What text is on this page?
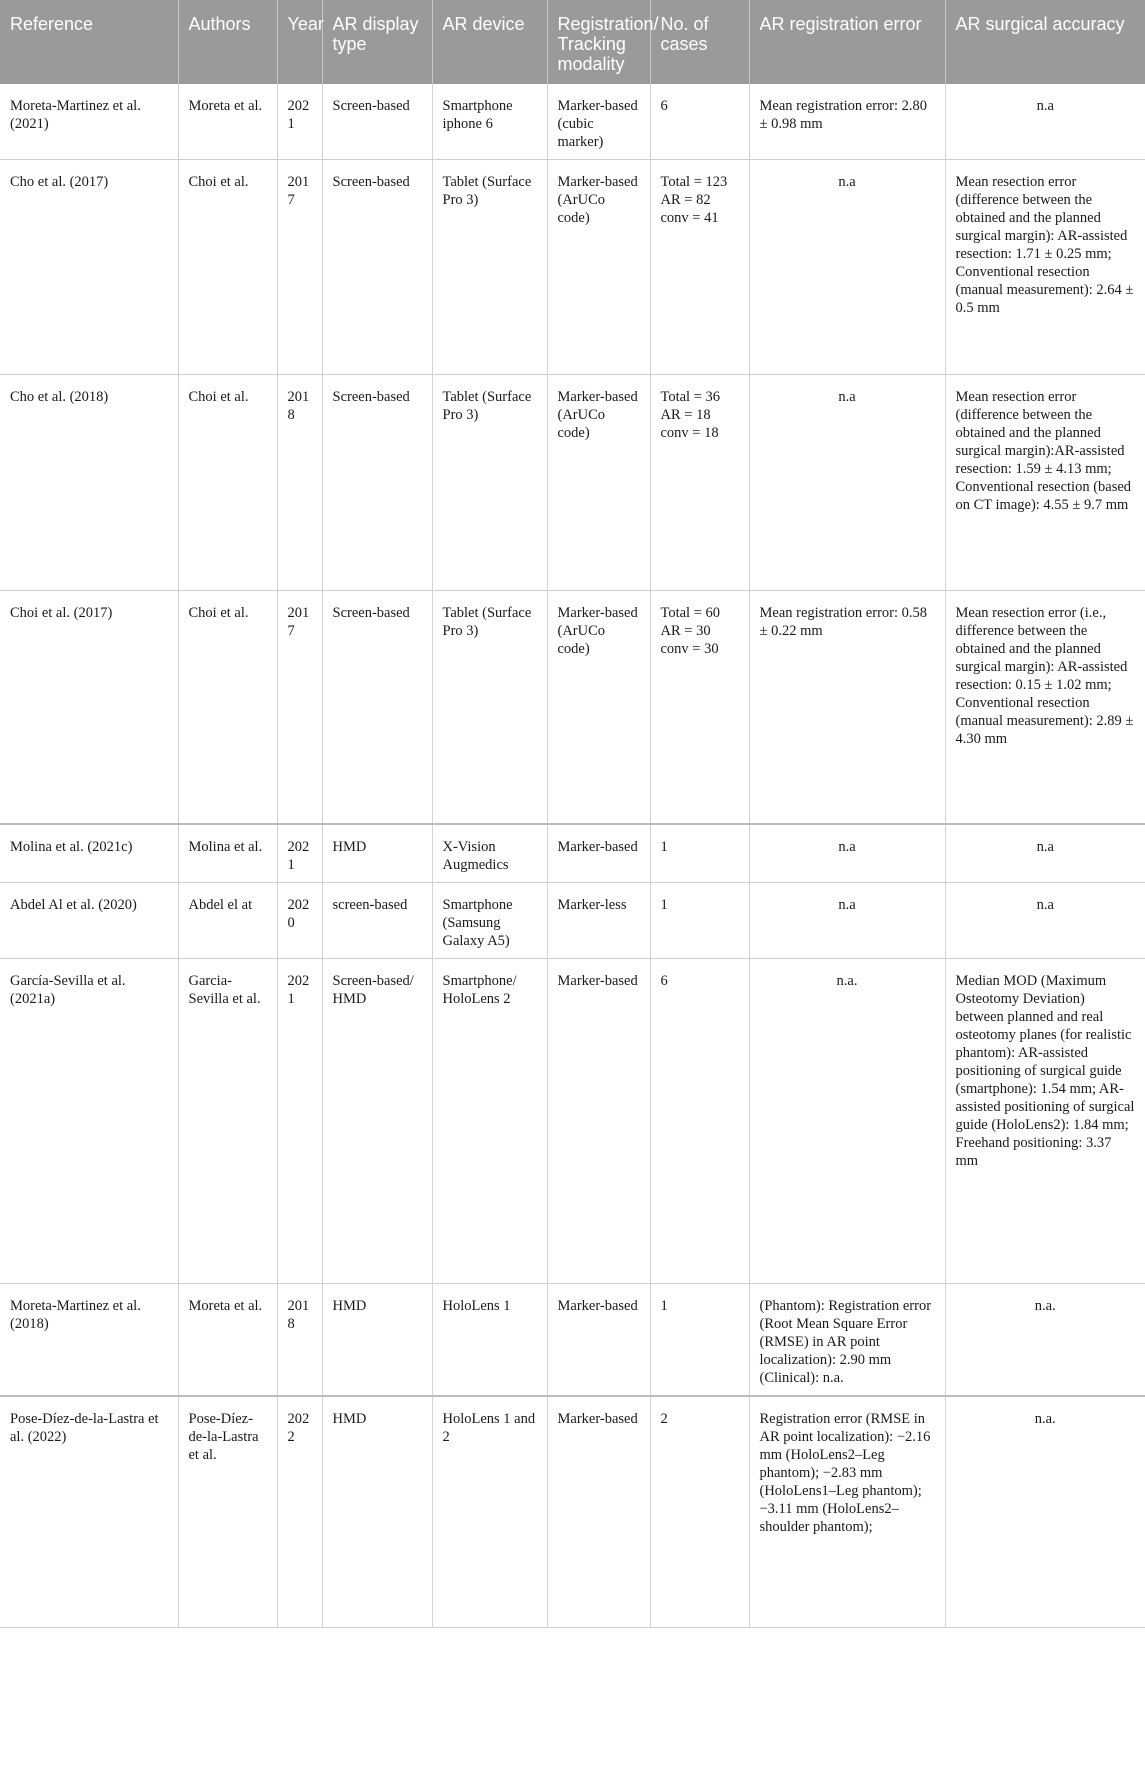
Reference	Authors	Year	AR display type	AR device	Registration/ Tracking modality	No. of cases	AR registration error	AR surgical accuracy
Moreta-Martinez et al. (2021)	Moreta et al.	2021	Screen-based	Smartphone iphone 6	Marker-based (cubic marker)	6	Mean registration error: 2.80 ± 0.98 mm	n.a
Cho et al. (2017)	Choi et al.	2017	Screen-based	Tablet (Surface Pro 3)	Marker-based (ArUCo code)	Total = 123 AR = 82 conv = 41	n.a	Mean resection error (difference between the obtained and the planned surgical margin): AR-assisted resection: 1.71 ± 0.25 mm; Conventional resection (manual measurement): 2.64 ± 0.5 mm
Cho et al. (2018)	Choi et al.	2018	Screen-based	Tablet (Surface Pro 3)	Marker-based (ArUCo code)	Total = 36 AR = 18 conv = 18	n.a	Mean resection error (difference between the obtained and the planned surgical margin):AR-assisted resection: 1.59 ± 4.13 mm; Conventional resection (based on CT image): 4.55 ± 9.7 mm
Choi et al. (2017)	Choi et al.	2017	Screen-based	Tablet (Surface Pro 3)	Marker-based (ArUCo code)	Total = 60 AR = 30 conv = 30	Mean registration error: 0.58 ± 0.22 mm	Mean resection error (i.e., difference between the obtained and the planned surgical margin): AR-assisted resection: 0.15 ± 1.02 mm; Conventional resection (manual measurement): 2.89 ± 4.30 mm
Molina et al. (2021c)	Molina et al.	2021	HMD	X-Vision Augmedics	Marker-based	1	n.a	n.a
Abdel Al et al. (2020)	Abdel el at	2020	screen-based	Smartphone (Samsung Galaxy A5)	Marker-less	1	n.a	n.a
García-Sevilla et al. (2021a)	Garcia-Sevilla et al.	2021	Screen-based/ HMD	Smartphone/ HoloLens 2	Marker-based	6	n.a.	Median MOD (Maximum Osteotomy Deviation) between planned and real osteotomy planes (for realistic phantom): AR-assisted positioning of surgical guide (smartphone): 1.54 mm; AR-assisted positioning of surgical guide (HoloLens2): 1.84 mm; Freehand positioning: 3.37 mm
Moreta-Martinez et al. (2018)	Moreta et al.	2018	HMD	HoloLens 1	Marker-based	1	(Phantom): Registration error (Root Mean Square Error (RMSE) in AR point localization): 2.90 mm (Clinical): n.a.	n.a.
Pose-Díez-de-la-Lastra et al. (2022)	Pose-Díez-de-la-Lastra et al.	2022	HMD	HoloLens 1 and 2	Marker-based	2	Registration error (RMSE in AR point localization): −2.16 mm (HoloLens2–Leg phantom); −2.83 mm (HoloLens1–Leg phantom); −3.11 mm (HoloLens2–shoulder phantom);	n.a.
